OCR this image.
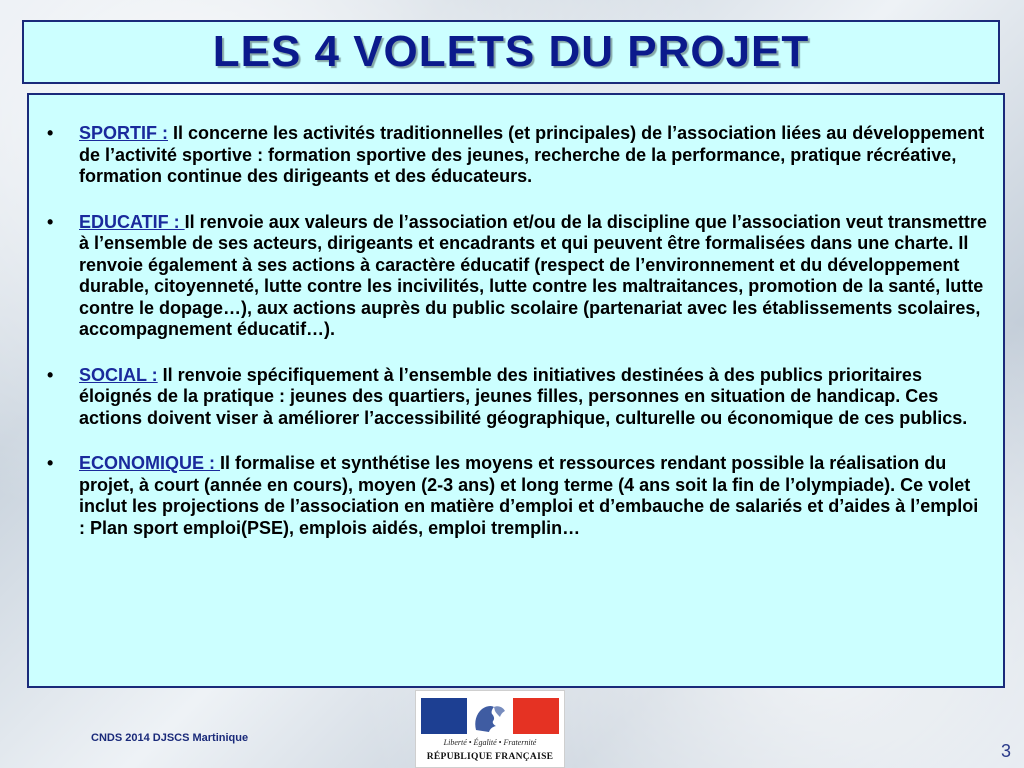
LES 4 VOLETS DU PROJET
•	SPORTIF : Il concerne les activités traditionnelles (et principales) de l’association liées au développement de l’activité sportive : formation sportive des jeunes, recherche de la performance, pratique récréative, formation continue des dirigeants et des éducateurs.
•	EDUCATIF : Il renvoie aux valeurs de l’association et/ou de la discipline que l’association veut transmettre à l’ensemble de ses acteurs, dirigeants et encadrants et qui peuvent être formalisées dans une charte. Il renvoie également à ses actions à caractère éducatif (respect de l’environnement et du développement durable, citoyenneté, lutte contre les incivilités, lutte contre les maltraitances, promotion de la santé, lutte contre le dopage…), aux actions auprès du public scolaire (partenariat avec les établissements scolaires, accompagnement éducatif…).
•	SOCIAL : Il renvoie spécifiquement à l’ensemble des initiatives destinées à des publics prioritaires éloignés de la pratique : jeunes des quartiers, jeunes filles, personnes en situation de handicap. Ces actions doivent viser à améliorer l’accessibilité géographique, culturelle ou économique de ces publics.
•	ECONOMIQUE : Il formalise et synthétise les moyens et ressources rendant possible la réalisation du projet, à court (année en cours), moyen (2-3 ans) et long terme (4 ans soit la fin de l’olympiade). Ce volet inclut les projections de l’association en matière d’emploi et d’embauche de salariés et d’aides à l’emploi : Plan sport emploi(PSE), emplois aidés, emploi tremplin…
Liberté • Égalité • Fraternité
RÉPUBLIQUE FRANÇAISE
CNDS 2014 DJSCS Martinique
3
